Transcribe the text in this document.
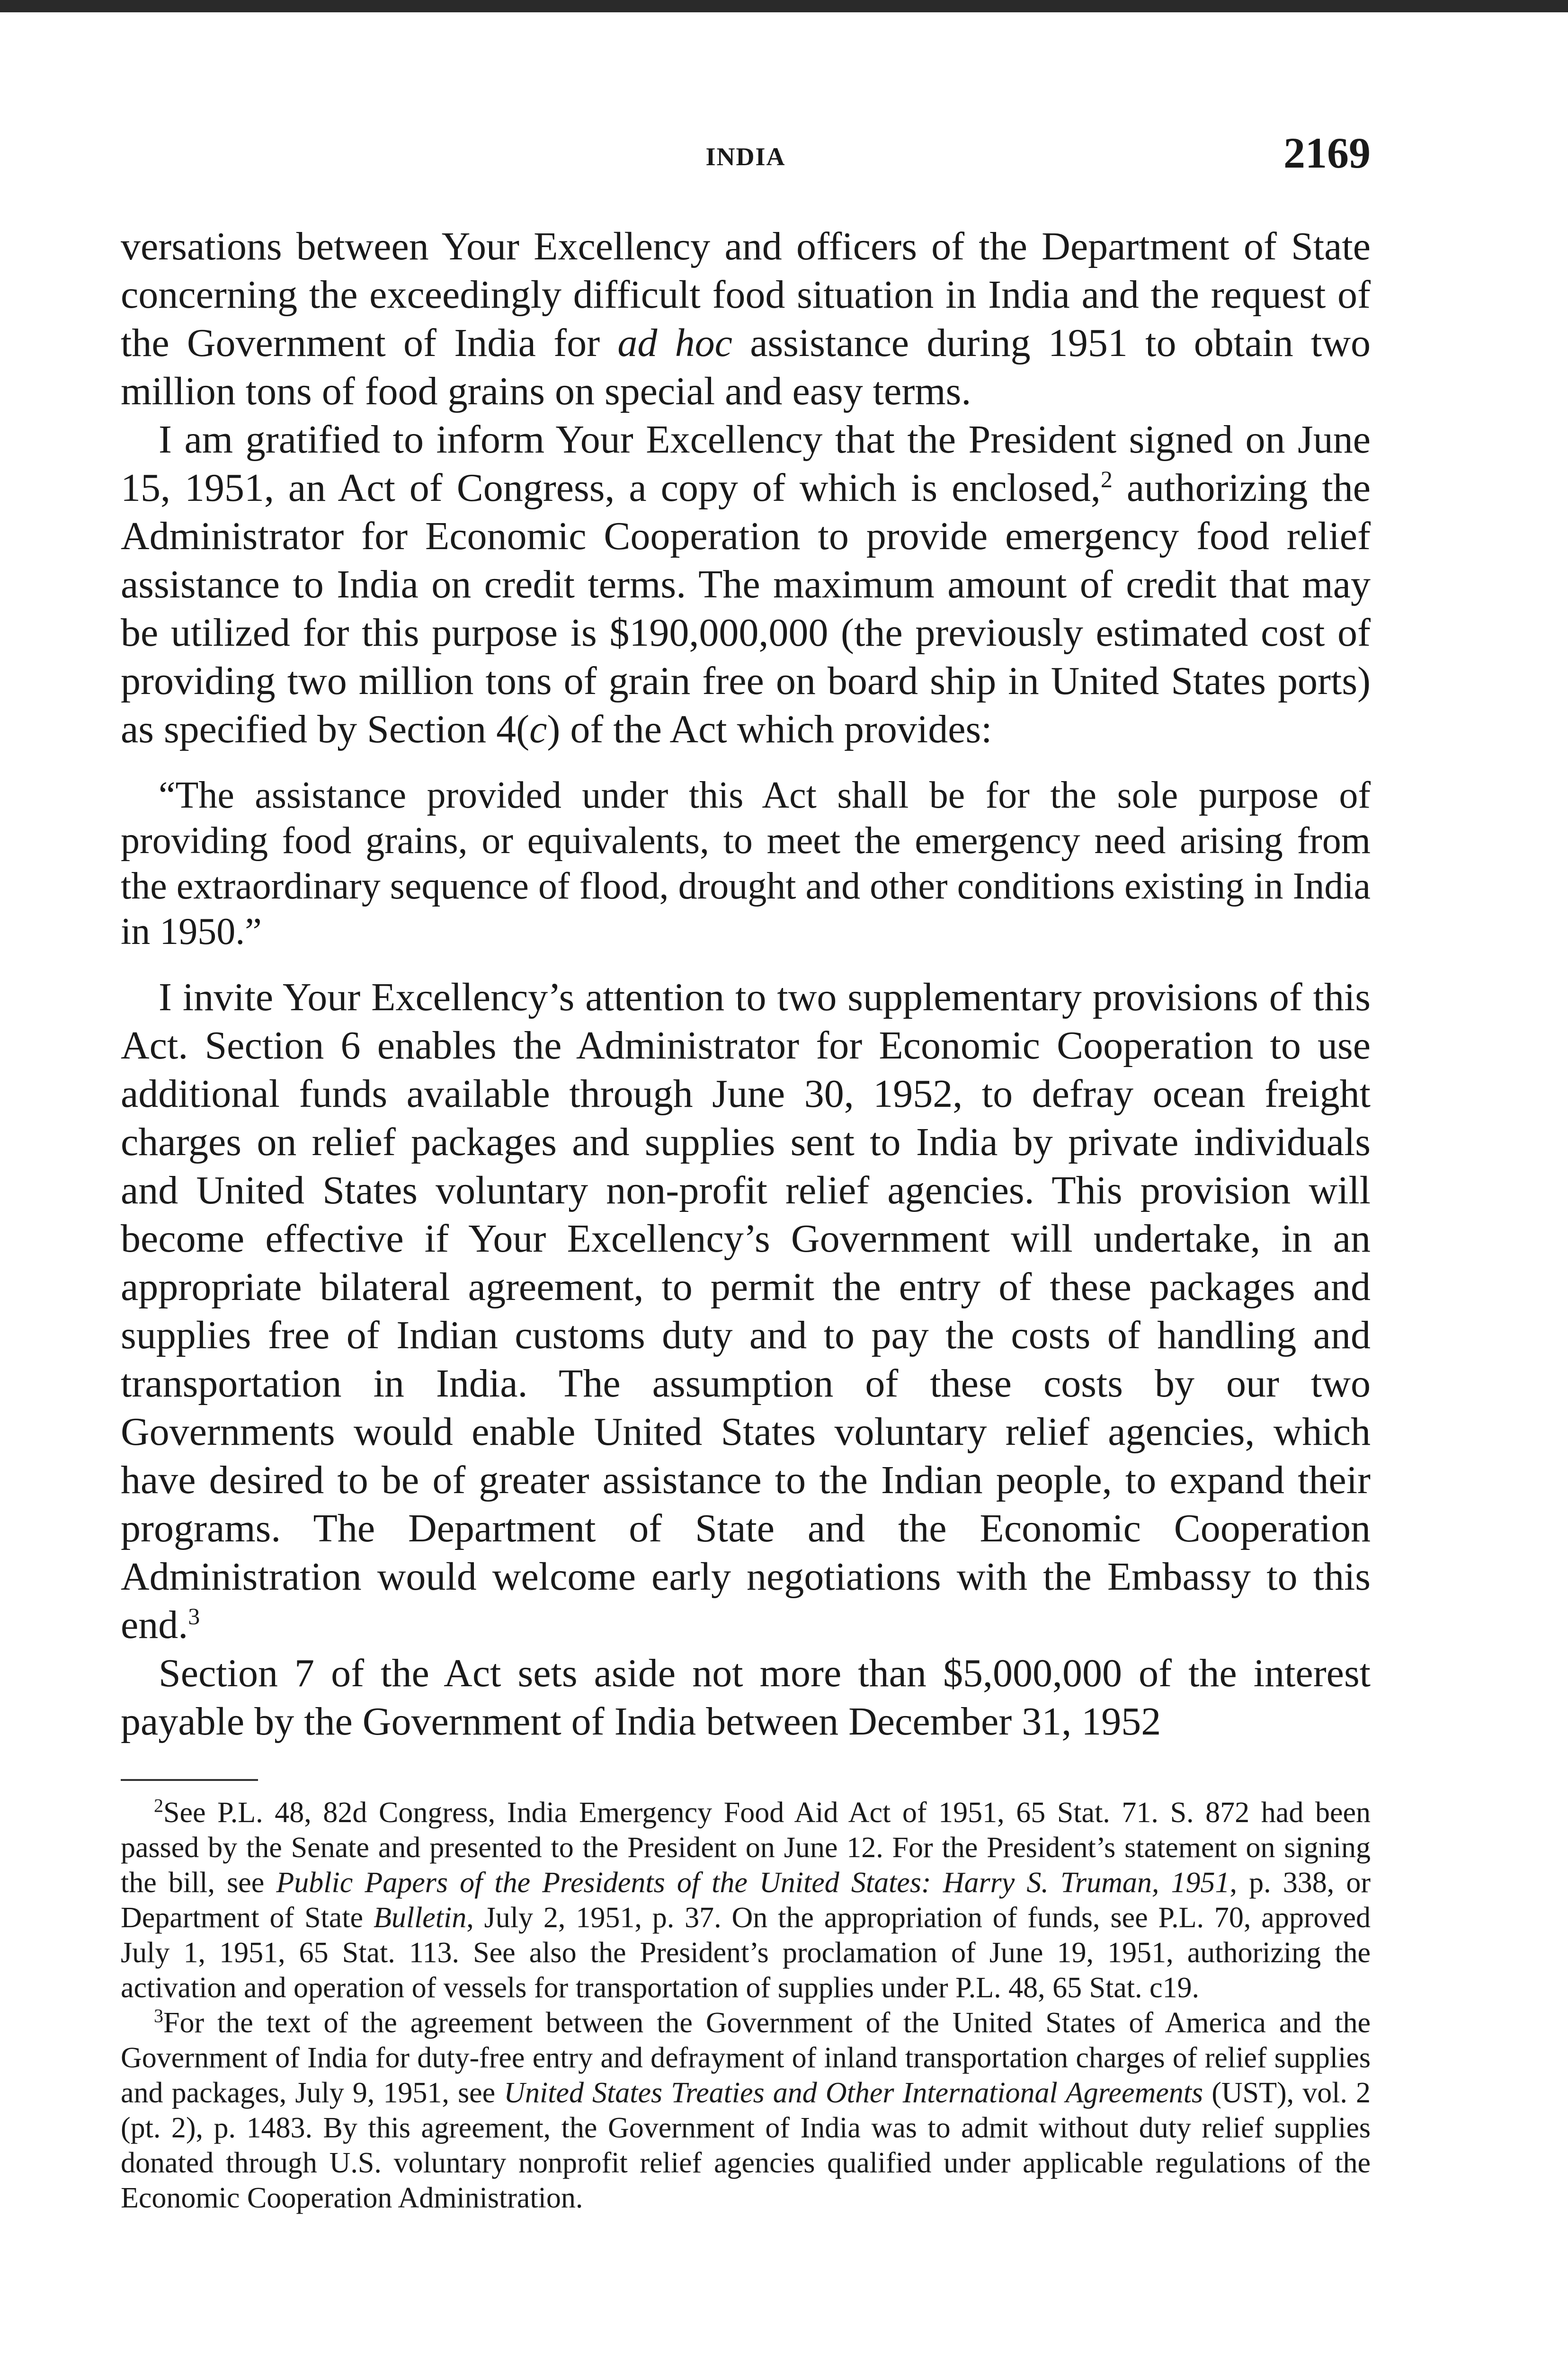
INDIA	2169

versations between Your Excellency and officers of the Department of State concerning the exceedingly difficult food situation in India and the request of the Government of India for ad hoc assistance during 1951 to obtain two million tons of food grains on special and easy terms.

I am gratified to inform Your Excellency that the President signed on June 15, 1951, an Act of Congress, a copy of which is enclosed,$^2$ authorizing the Administrator for Economic Cooperation to provide emergency food relief assistance to India on credit terms. The maximum amount of credit that may be utilized for this purpose is $190,000,000 (the previously estimated cost of providing two million tons of grain free on board ship in United States ports) as specified by Section 4(c) of the Act which provides:

“The assistance provided under this Act shall be for the sole purpose of providing food grains, or equivalents, to meet the emergency need arising from the extraordinary sequence of flood, drought and other conditions existing in India in 1950.”

I invite Your Excellency’s attention to two supplementary provisions of this Act. Section 6 enables the Administrator for Economic Cooperation to use additional funds available through June 30, 1952, to defray ocean freight charges on relief packages and supplies sent to India by private individuals and United States voluntary non-profit relief agencies. This provision will become effective if Your Excellency’s Government will undertake, in an appropriate bilateral agreement, to permit the entry of these packages and supplies free of Indian customs duty and to pay the costs of handling and transportation in India. The assumption of these costs by our two Governments would enable United States voluntary relief agencies, which have desired to be of greater assistance to the Indian people, to expand their programs. The Department of State and the Economic Cooperation Administration would welcome early negotiations with the Embassy to this end.$^3$

Section 7 of the Act sets aside not more than $5,000,000 of the interest payable by the Government of India between December 31, 1952

$^2$See P.L. 48, 82d Congress, India Emergency Food Aid Act of 1951, 65 Stat. 71. S. 872 had been passed by the Senate and presented to the President on June 12. For the President’s statement on signing the bill, see Public Papers of the Presidents of the United States: Harry S. Truman, 1951, p. 338, or Department of State Bulletin, July 2, 1951, p. 37. On the appropriation of funds, see P.L. 70, approved July 1, 1951, 65 Stat. 113. See also the President’s proclamation of June 19, 1951, authorizing the activation and operation of vessels for transportation of supplies under P.L. 48, 65 Stat. c19.

$^3$For the text of the agreement between the Government of the United States of America and the Government of India for duty-free entry and defrayment of inland transportation charges of relief supplies and packages, July 9, 1951, see United States Treaties and Other International Agreements (UST), vol. 2 (pt. 2), p. 1483. By this agreement, the Government of India was to admit without duty relief supplies donated through U.S. voluntary nonprofit relief agencies qualified under applicable regulations of the Economic Cooperation Administration.
